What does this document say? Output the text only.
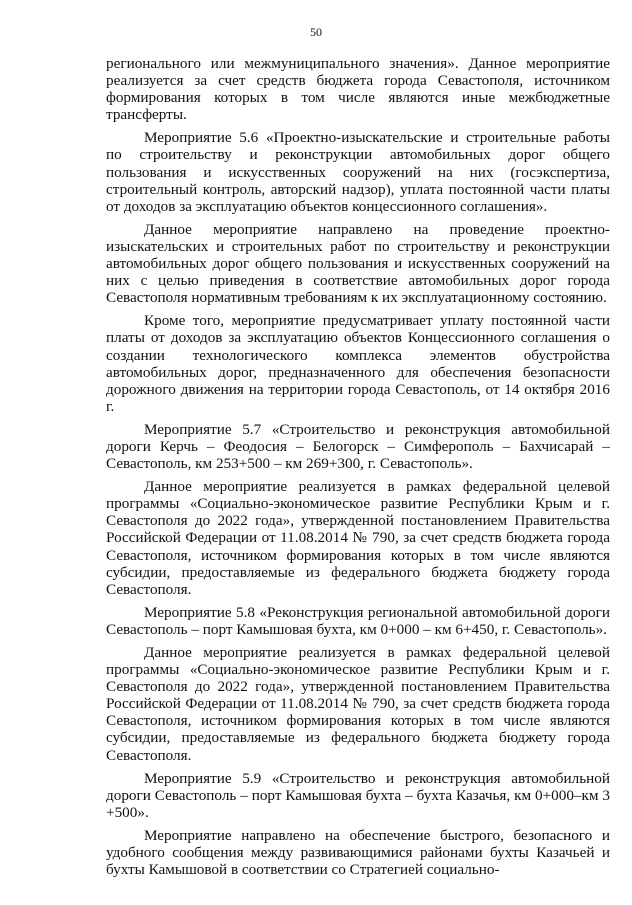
50

регионального или межмуниципального значения». Данное мероприятие реализуется за счет средств бюджета города Севастополя, источником формирования которых в том числе являются иные межбюджетные трансферты.

Мероприятие 5.6 «Проектно-изыскательские и строительные работы по строительству и реконструкции автомобильных дорог общего пользования и искусственных сооружений на них (госэкспертиза, строительный контроль, авторский надзор), уплата постоянной части платы от доходов за эксплуатацию объектов концессионного соглашения».

Данное мероприятие направлено на проведение проектно-изыскательских и строительных работ по строительству и реконструкции автомобильных дорог общего пользования и искусственных сооружений на них с целью приведения в соответствие автомобильных дорог города Севастополя нормативным требованиям к их эксплуатационному состоянию.

Кроме того, мероприятие предусматривает уплату постоянной части платы от доходов за эксплуатацию объектов Концессионного соглашения о создании технологического комплекса элементов обустройства автомобильных дорог, предназначенного для обеспечения безопасности дорожного движения на территории города Севастополь, от 14 октября 2016 г.

Мероприятие 5.7 «Строительство и реконструкция автомобильной дороги Керчь – Феодосия – Белогорск – Симферополь – Бахчисарай – Севастополь, км 253+500 – км 269+300, г. Севастополь».

Данное мероприятие реализуется в рамках федеральной целевой программы «Социально-экономическое развитие Республики Крым и г. Севастополя до 2022 года», утвержденной постановлением Правительства Российской Федерации от 11.08.2014 № 790, за счет средств бюджета города Севастополя, источником формирования которых в том числе являются субсидии, предоставляемые из федерального бюджета бюджету города Севастополя.

Мероприятие 5.8 «Реконструкция региональной автомобильной дороги Севастополь – порт Камышовая бухта, км 0+000 – км 6+450, г. Севастополь».

Данное мероприятие реализуется в рамках федеральной целевой программы «Социально-экономическое развитие Республики Крым и г. Севастополя до 2022 года», утвержденной постановлением Правительства Российской Федерации от 11.08.2014 № 790, за счет средств бюджета города Севастополя, источником формирования которых в том числе являются субсидии, предоставляемые из федерального бюджета бюджету города Севастополя.

Мероприятие 5.9 «Строительство и реконструкция автомобильной дороги Севастополь – порт Камышовая бухта – бухта Казачья, км 0+000–км 3 +500».

Мероприятие направлено на обеспечение быстрого, безопасного и удобного сообщения между развивающимися районами бухты Казачьей и бухты Камышовой в соответствии со Стратегией социально-
